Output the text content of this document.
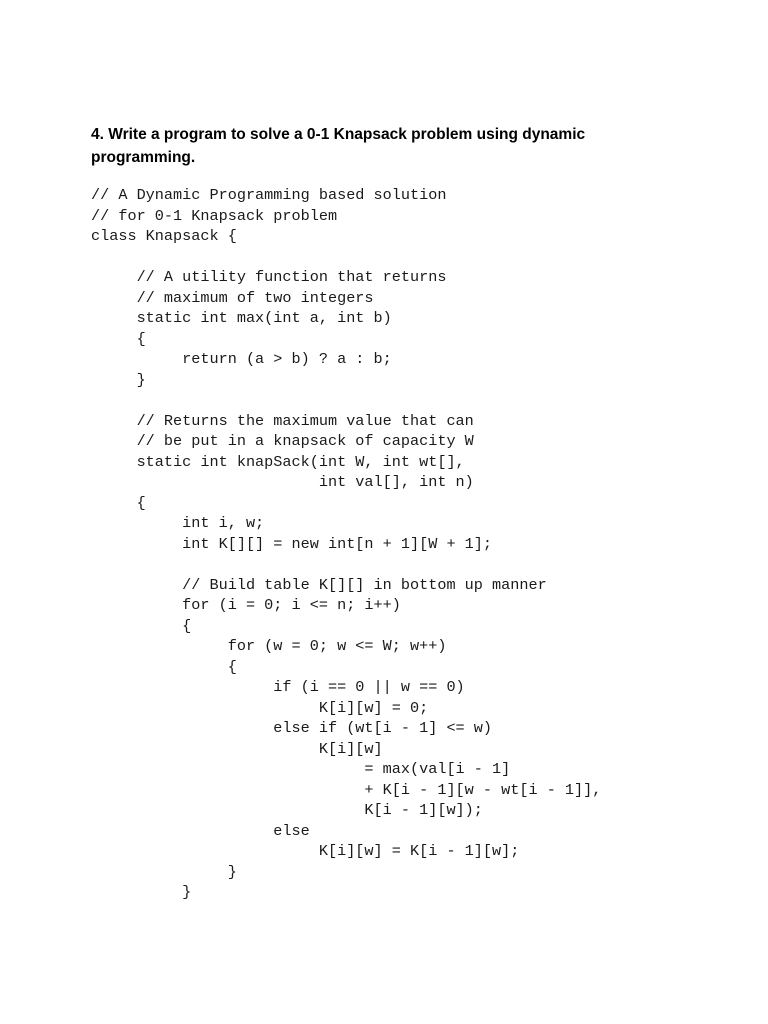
4. Write a program to solve a 0-1 Knapsack problem using dynamic
programming.
// A Dynamic Programming based solution
// for 0-1 Knapsack problem
class Knapsack {
// A utility function that returns
// maximum of two integers
static int max(int a, int b)
{
return (a > b) ? a : b;
}
// Returns the maximum value that can
// be put in a knapsack of capacity W
static int knapSack(int W, int wt[],
int val[], int n)
{
int i, w;
int K[][] = new int[n + 1][W + 1];
// Build table K[][] in bottom up manner
for (i = 0; i <= n; i++)
{
for (w = 0; w <= W; w++)
{
if (i == 0 || w == 0)
K[i][w] = 0;
else if (wt[i - 1] <= w)
K[i][w]
= max(val[i - 1]
+ K[i - 1][w - wt[i - 1]],
K[i - 1][w]);
else
K[i][w] = K[i - 1][w];
}
}
